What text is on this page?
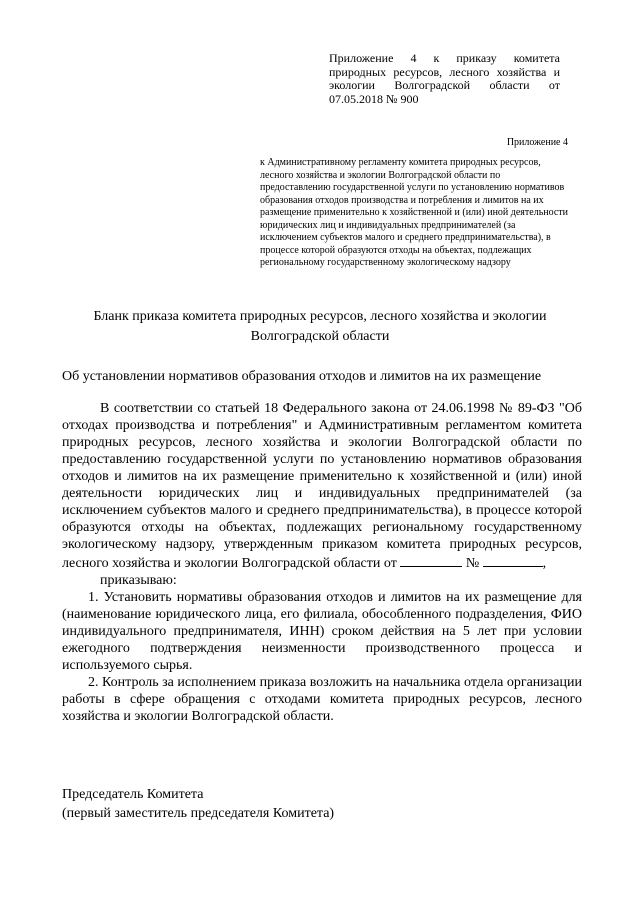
Приложение 4 к приказу комитета природных ресурсов, лесного хозяйства и экологии Волгоградской области от 07.05.2018 № 900
Приложение 4
к Административному регламенту комитета природных ресурсов, лесного хозяйства и экологии Волгоградской области по предоставлению государственной услуги по установлению нормативов образования отходов производства и потребления и лимитов на их размещение применительно к хозяйственной и (или) иной деятельности юридических лиц и индивидуальных предпринимателей (за исключением субъектов малого и среднего предпринимательства), в процессе которой образуются отходы на объектах, подлежащих региональному государственному экологическому надзору
Бланк приказа комитета природных ресурсов, лесного хозяйства и экологии Волгоградской области
Об установлении нормативов образования отходов и лимитов на их размещение

В соответствии со статьей 18 Федерального закона от 24.06.1998 № 89-ФЗ "Об отходах производства и потребления" и Административным регламентом комитета природных ресурсов, лесного хозяйства и экологии Волгоградской области по предоставлению государственной услуги по установлению нормативов образования отходов и лимитов на их размещение применительно к хозяйственной и (или) иной деятельности юридических лиц и индивидуальных предпринимателей (за исключением субъектов малого и среднего предпринимательства), в процессе которой образуются отходы на объектах, подлежащих региональному государственному экологическому надзору, утвержденным приказом комитета природных ресурсов, лесного хозяйства и экологии Волгоградской области от	№	,

приказываю:

1. Установить нормативы образования отходов и лимитов на их размещение для (наименование юридического лица, его филиала, обособленного подразделения, ФИО индивидуального предпринимателя, ИНН) сроком действия на 5 лет при условии ежегодного подтверждения неизменности производственного процесса и используемого сырья.

2. Контроль за исполнением приказа возложить на начальника отдела организации работы в сфере обращения с отходами комитета природных ресурсов, лесного хозяйства и экологии Волгоградской области.

Председатель Комитета
(первый заместитель председателя Комитета)
